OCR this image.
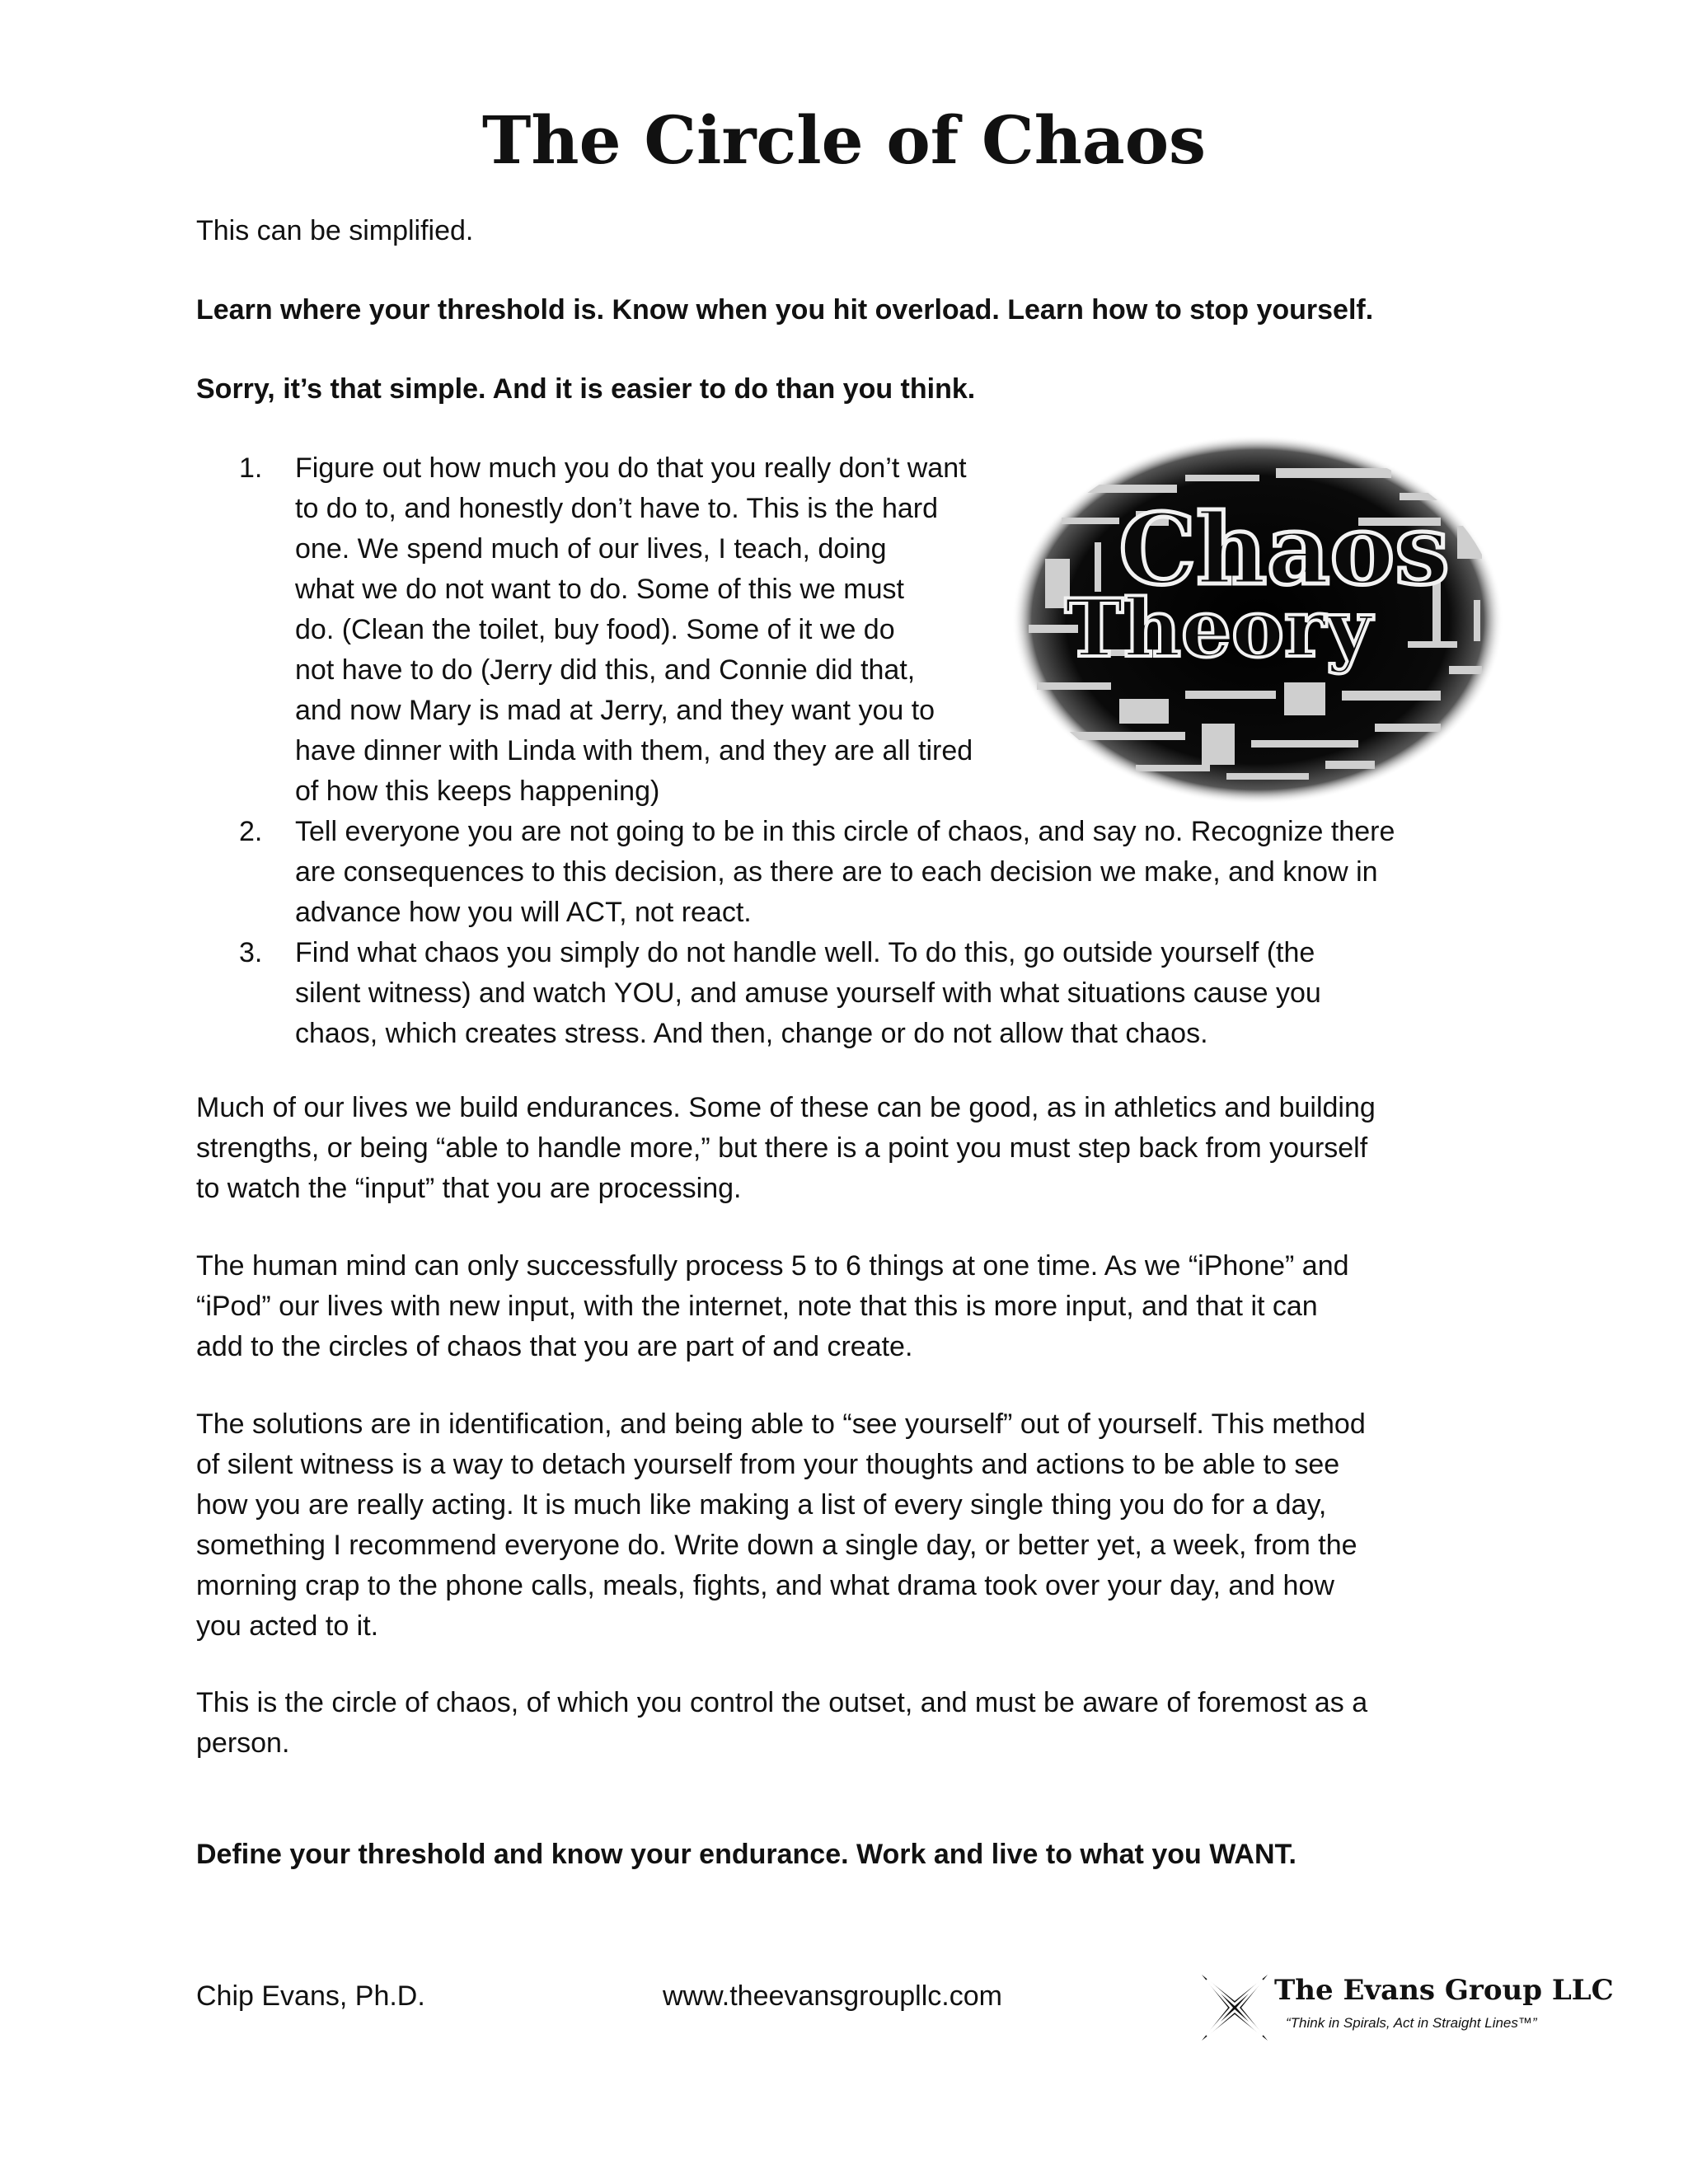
The Circle of Chaos

This can be simplified.

Learn where your threshold is. Know when you hit overload. Learn how to stop yourself.

Sorry, it’s that simple. And it is easier to do than you think.

Chaos
Theory
1. Figure out how much you do that you really don’t want
to do to, and honestly don’t have to. This is the hard
one. We spend much of our lives, I teach, doing
what we do not want to do. Some of this we must
do. (Clean the toilet, buy food). Some of it we do
not have to do (Jerry did this, and Connie did that,
and now Mary is mad at Jerry, and they want you to
have dinner with Linda with them, and they are all tired
of how this keeps happening)
2. Tell everyone you are not going to be in this circle of chaos, and say no. Recognize there
are consequences to this decision, as there are to each decision we make, and know in
advance how you will ACT, not react.
3. Find what chaos you simply do not handle well. To do this, go outside yourself (the
silent witness) and watch YOU, and amuse yourself with what situations cause you
chaos, which creates stress. And then, change or do not allow that chaos.
Much of our lives we build endurances. Some of these can be good, as in athletics and building
strengths, or being “able to handle more,” but there is a point you must step back from yourself
to watch the “input” that you are processing.
The human mind can only successfully process 5 to 6 things at one time. As we “iPhone” and
“iPod” our lives with new input, with the internet, note that this is more input, and that it can
add to the circles of chaos that you are part of and create.
The solutions are in identification, and being able to “see yourself” out of yourself. This method
of silent witness is a way to detach yourself from your thoughts and actions to be able to see
how you are really acting. It is much like making a list of every single thing you do for a day,
something I recommend everyone do. Write down a single day, or better yet, a week, from the
morning crap to the phone calls, meals, fights, and what drama took over your day, and how
you acted to it.
This is the circle of chaos, of which you control the outset, and must be aware of foremost as a
person.

Define your threshold and know your endurance. Work and live to what you WANT.

Chip Evans, Ph.D.	www.theevansgroupllc.com	The Evans Group LLC
“Think in Spirals, Act in Straight Lines™”
